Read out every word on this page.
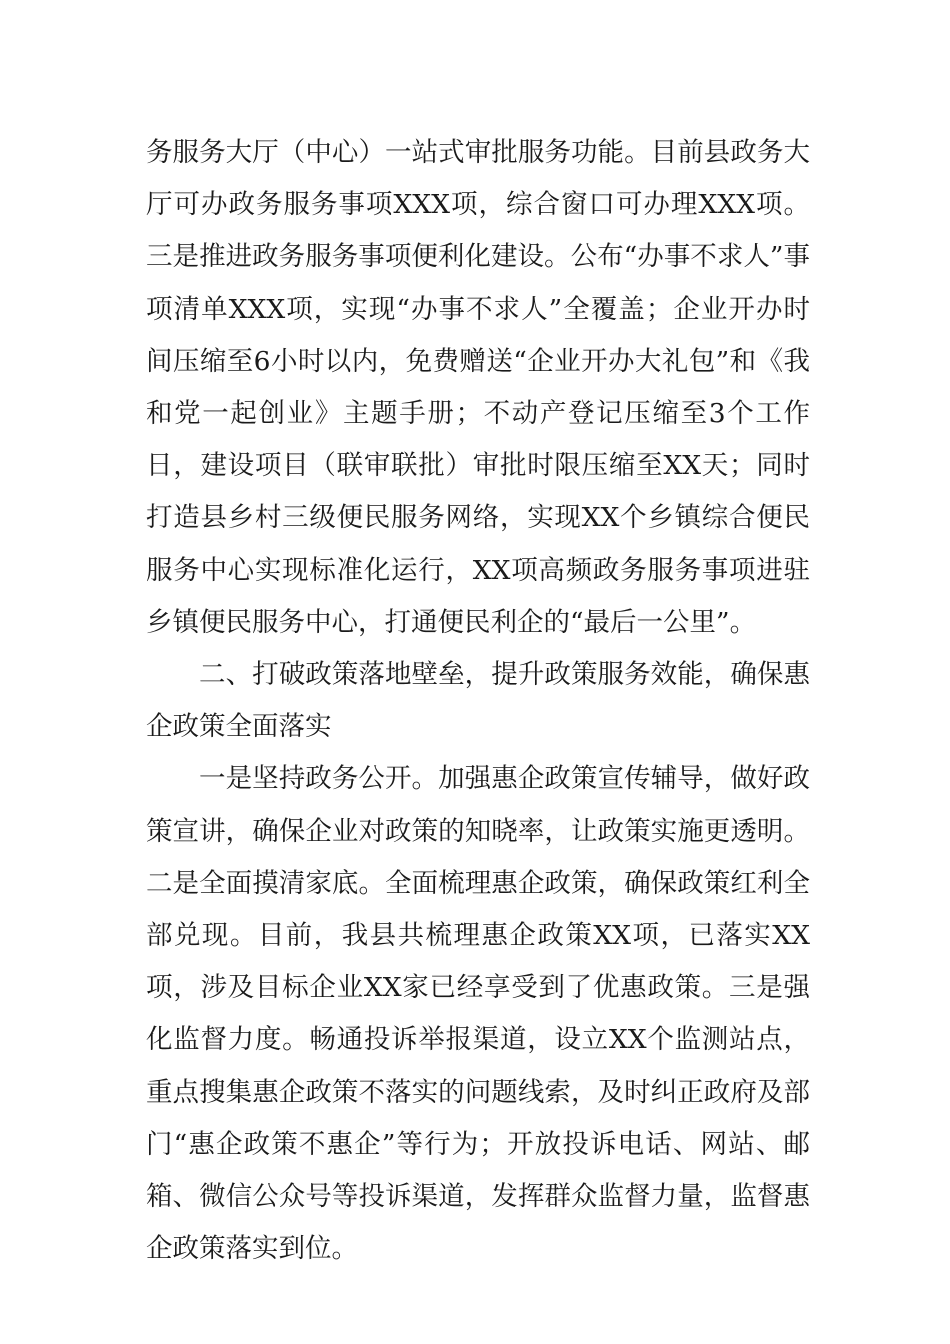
务服务大厅（中心）一站式审批服务功能。目前县政务大厅可办政务服务事项XXX项，综合窗口可办理XXX项。三是推进政务服务事项便利化建设。公布“办事不求人”事项清单XXX项，实现“办事不求人”全覆盖；企业开办时间压缩至6小时以内，免费赠送“企业开办大礼包”和《我和党一起创业》主题手册；不动产登记压缩至3个工作日，建设项目（联审联批）审批时限压缩至XX天；同时打造县乡村三级便民服务网络，实现XX个乡镇综合便民服务中心实现标准化运行，XX项高频政务服务事项进驻乡镇便民服务中心，打通便民利企的“最后一公里”。

二、打破政策落地壁垒，提升政策服务效能，确保惠企政策全面落实

一是坚持政务公开。加强惠企政策宣传辅导，做好政策宣讲，确保企业对政策的知晓率，让政策实施更透明。二是全面摸清家底。全面梳理惠企政策，确保政策红利全部兑现。目前，我县共梳理惠企政策XX项，已落实XX项，涉及目标企业XX家已经享受到了优惠政策。三是强化监督力度。畅通投诉举报渠道，设立XX个监测站点，重点搜集惠企政策不落实的问题线索，及时纠正政府及部门“惠企政策不惠企”等行为；开放投诉电话、网站、邮箱、微信公众号等投诉渠道，发挥群众监督力量，监督惠企政策落实到位。
